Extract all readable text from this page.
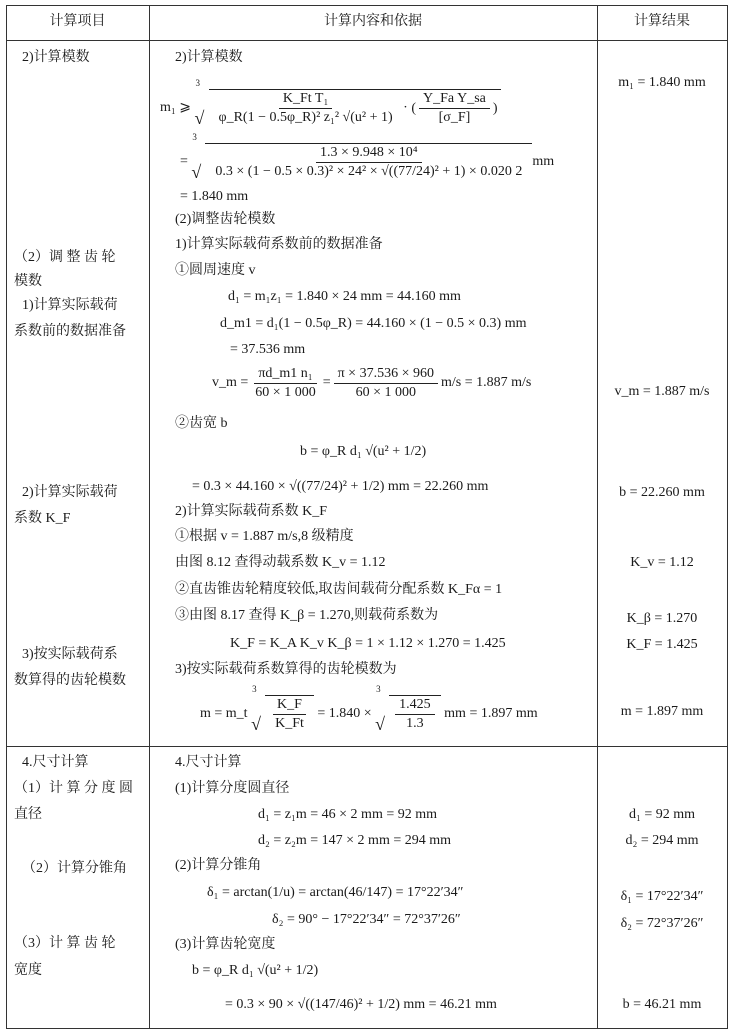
计算项目	计算内容和依据	计算结果
2)计算模数
（2）调 整 齿 轮
模数
1)计算实际载荷
系数前的数据准备
2)计算实际载荷
系数 K_F
3)按实际载荷系
数算得的齿轮模数
2)计算模数
m₁ ⩾

3
√ $\frac{\text{K\_Ft T₁}}{\text{φ\_R(1 − 0.5φ\_R)² z₁² √(u² + 1)}}$ · ( $\frac{\text{Y\_Fa Y\_sa}}{[\sigma\_F]}$ )
=

3
√ $\frac{\text{1.3 × 9.948 × 10⁴}}{\text{0.3 × (1 − 0.5 × 0.3)² × 24² × √((77/24)² + 1) × 0.020 2}}$ mm
= 1.840 mm
(2)调整齿轮模数
1)计算实际载荷系数前的数据准备
①圆周速度 v
d₁ = m₁z₁ = 1.840 × 24 mm = 44.160 mm
d_m1 = d₁(1 − 0.5φ_R) = 44.160 × (1 − 0.5 × 0.3) mm
= 37.536 mm
v_m = $\frac{\text{πd\_m1 n₁}}{60 \times 1 000} = \frac{\pi \times 37.536 \times 960}{60 \times 1 000} m/s = 1.887$ m/s
②齿宽 b
b = φ_R d₁ √(u² + 1/2)
= 0.3 × 44.160 × √((77/24)² + 1/2) mm = 22.260 mm
2)计算实际载荷系数 K_F
①根据 v = 1.887 m/s,8 级精度
由图 8.12 查得动载系数 K_v = 1.12
②直齿锥齿轮精度较低,取齿间载荷分配系数 K_Fα = 1
③由图 8.17 查得 K_β = 1.270,则载荷系数为
K_F = K_A K_v K_β = 1 × 1.12 × 1.270 = 1.425
3)按实际载荷系数算得的齿轮模数为
m = m_t

3
√ $\frac{K\_F}{K\_Ft}$
= 1.840 ×

3
√ $\frac{1.425}{1.3}$
mm = 1.897 mm
m₁ = 1.840 mm
v_m = 1.887 m/s
b = 22.260 mm
K_v = 1.12
K_β = 1.270
K_F = 1.425
m = 1.897 mm
4.尺寸计算
（1）计 算 分 度 圆
直径
（2）计算分锥角
（3）计 算 齿 轮
宽度
4.尺寸计算
(1)计算分度圆直径
d₁ = z₁m = 46 × 2 mm = 92 mm
d₂ = z₂m = 147 × 2 mm = 294 mm
(2)计算分锥角
δ₁ = arctan(1/u) = arctan(46/147) = 17°22′34″
δ₂ = 90° − 17°22′34″ = 72°37′26″
(3)计算齿轮宽度
b = φ_R d₁ √(u² + 1/2)
= 0.3 × 90 × √((147/46)² + 1/2) mm = 46.21 mm
d₁ = 92 mm
d₂ = 294 mm
δ₁ = 17°22′34″
δ₂ = 72°37′26″
b = 46.21 mm
